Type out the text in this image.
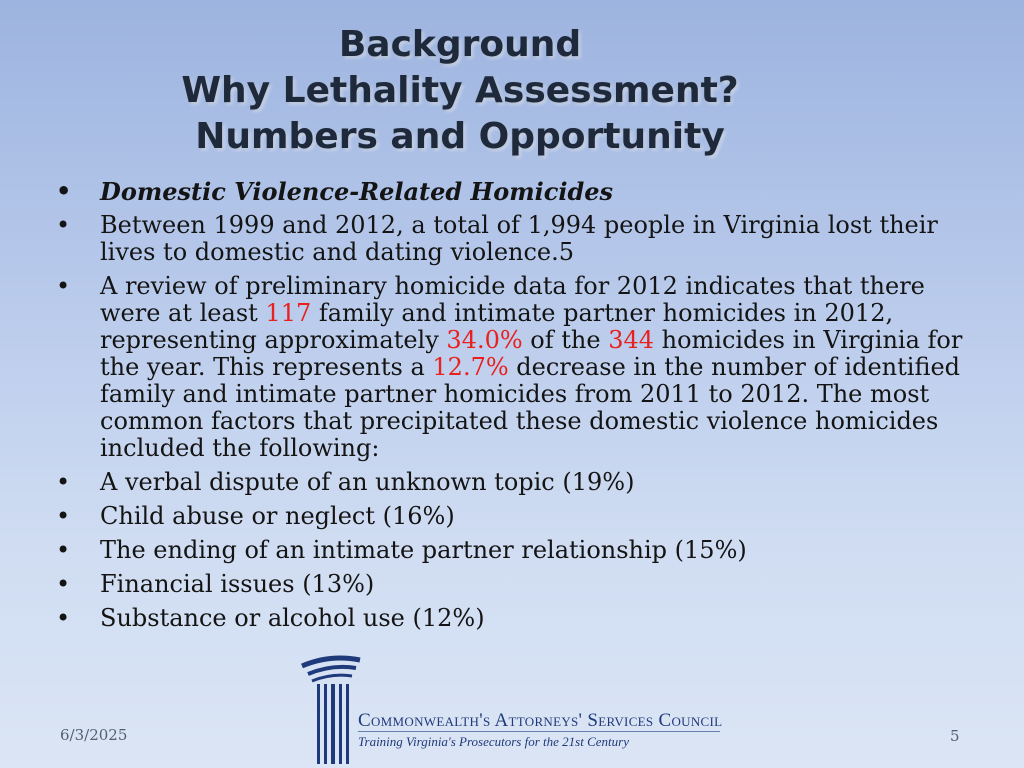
Background
Why Lethality Assessment?
Numbers and Opportunity
• Domestic Violence-Related Homicides
• Between 1999 and 2012, a total of 1,994 people in Virginia lost their lives to domestic and dating violence.5
• A review of preliminary homicide data for 2012 indicates that there were at least 117 family and intimate partner homicides in 2012, representing approximately 34.0% of the 344 homicides in Virginia for the year. This represents a 12.7% decrease in the number of identified family and intimate partner homicides from 2011 to 2012. The most common factors that precipitated these domestic violence homicides included the following:
• A verbal dispute of an unknown topic (19%)
• Child abuse or neglect (16%)
• The ending of an intimate partner relationship (15%)
• Financial issues (13%)
• Substance or alcohol use (12%)
Commonwealth's Attorneys' Services Council
Training Virginia's Prosecutors for the 21st Century
6/3/2025	5
